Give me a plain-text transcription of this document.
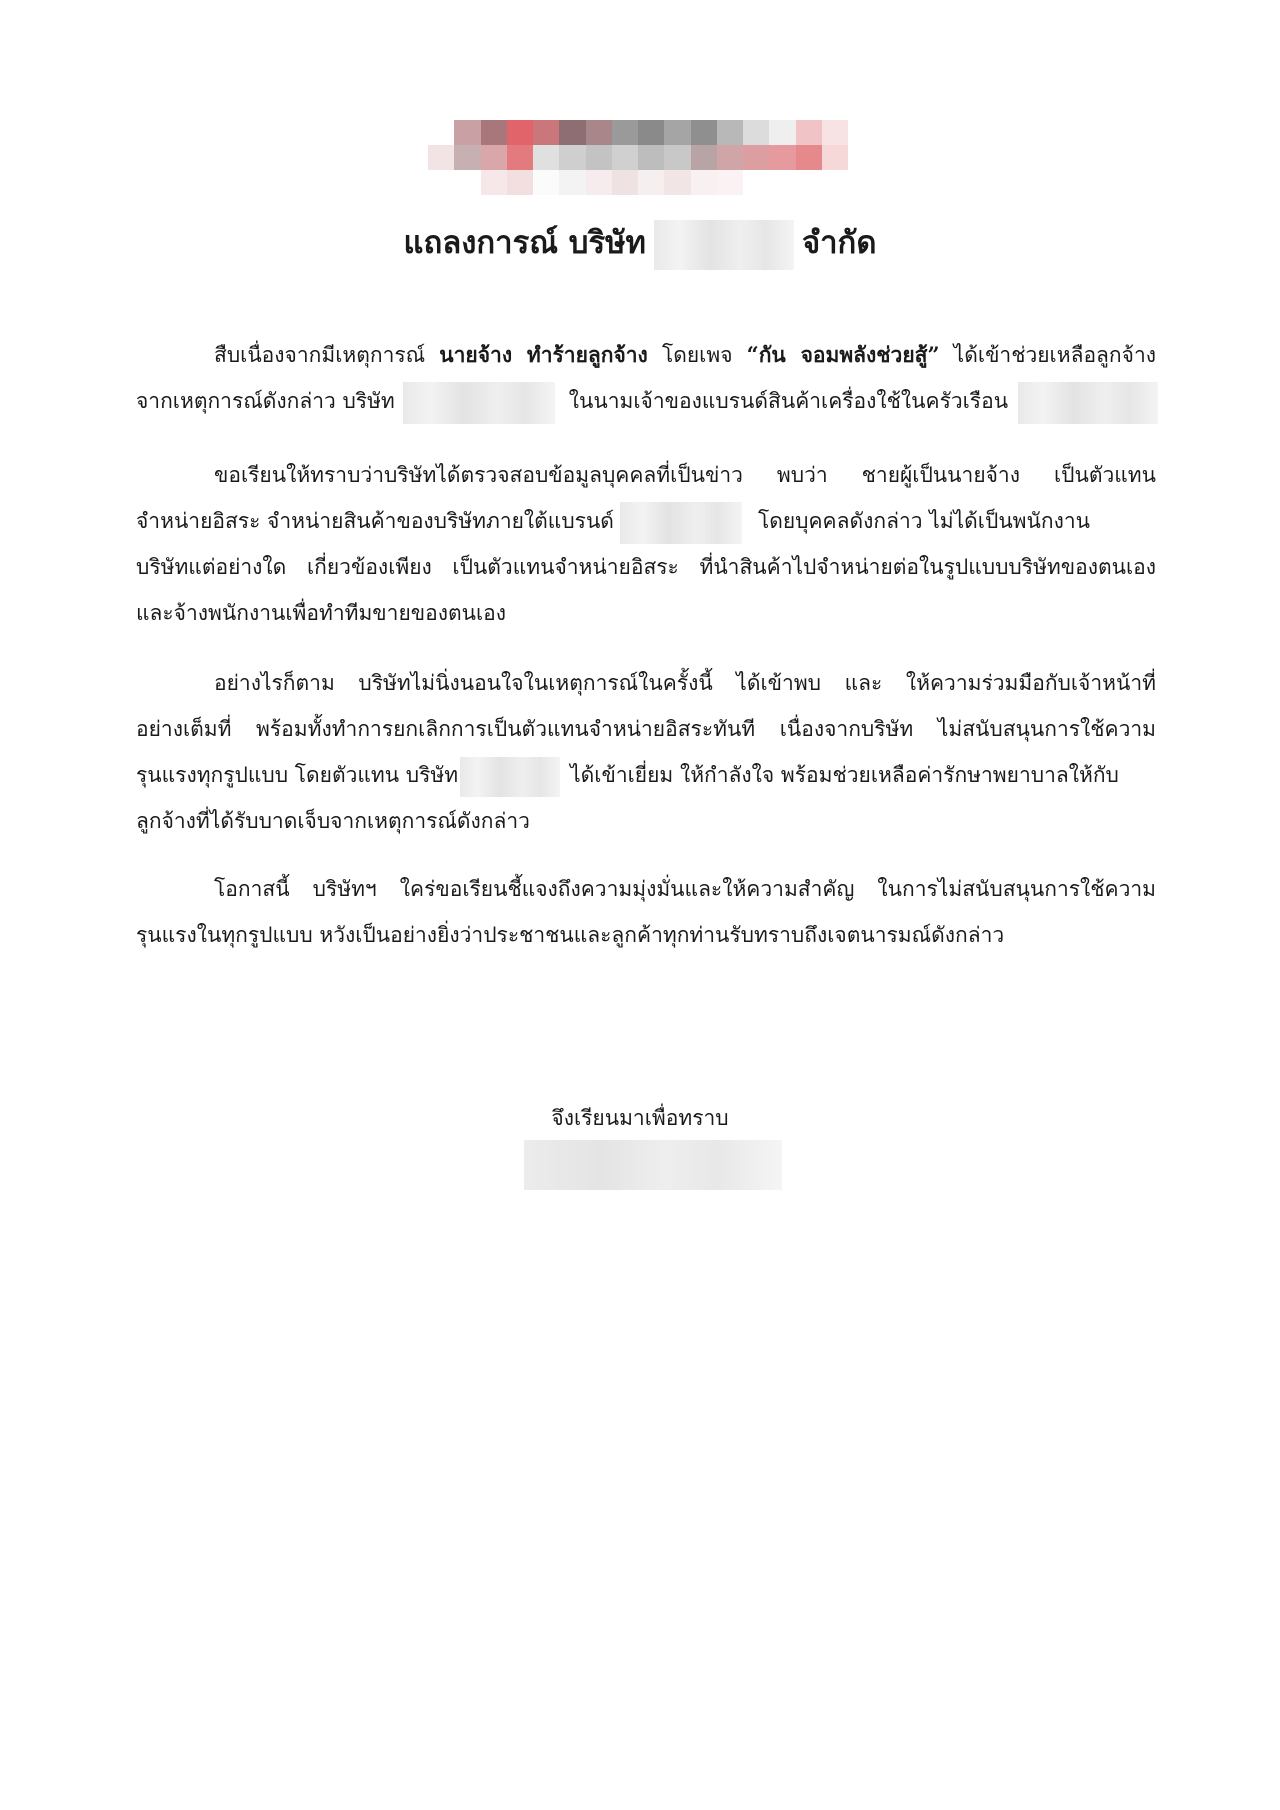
แถลงการณ์ บริษัท	จำกัด
สืบเนื่องจากมีเหตุการณ์ นายจ้าง ทำร้ายลูกจ้าง โดยเพจ “กัน จอมพลังช่วยสู้” ได้เข้าช่วยเหลือลูกจ้าง
จากเหตุการณ์ดังกล่าว บริษัท	ในนามเจ้าของแบรนด์สินค้าเครื่องใช้ในครัวเรือน
ขอเรียนให้ทราบว่าบริษัทได้ตรวจสอบข้อมูลบุคคลที่เป็นข่าว พบว่า ชายผู้เป็นนายจ้าง เป็นตัวแทน
จำหน่ายอิสระ จำหน่ายสินค้าของบริษัทภายใต้แบรนด์	โดยบุคคลดังกล่าว ไม่ได้เป็นพนักงาน
บริษัทแต่อย่างใด เกี่ยวข้องเพียง เป็นตัวแทนจำหน่ายอิสระ ที่นำสินค้าไปจำหน่ายต่อในรูปแบบบริษัทของตนเอง
และจ้างพนักงานเพื่อทำทีมขายของตนเอง
อย่างไรก็ตาม บริษัทไม่นิ่งนอนใจในเหตุการณ์ในครั้งนี้ ได้เข้าพบ และ ให้ความร่วมมือกับเจ้าหน้าที่
อย่างเต็มที่ พร้อมทั้งทำการยกเลิกการเป็นตัวแทนจำหน่ายอิสระทันที เนื่องจากบริษัท ไม่สนับสนุนการใช้ความ
รุนแรงทุกรูปแบบ โดยตัวแทน บริษัท	ได้เข้าเยี่ยม ให้กำลังใจ พร้อมช่วยเหลือค่ารักษาพยาบาลให้กับ
ลูกจ้างที่ได้รับบาดเจ็บจากเหตุการณ์ดังกล่าว
โอกาสนี้ บริษัทฯ ใคร่ขอเรียนชี้แจงถึงความมุ่งมั่นและให้ความสำคัญ ในการไม่สนับสนุนการใช้ความ
รุนแรงในทุกรูปแบบ หวังเป็นอย่างยิ่งว่าประชาชนและลูกค้าทุกท่านรับทราบถึงเจตนารมณ์ดังกล่าว
จึงเรียนมาเพื่อทราบ
